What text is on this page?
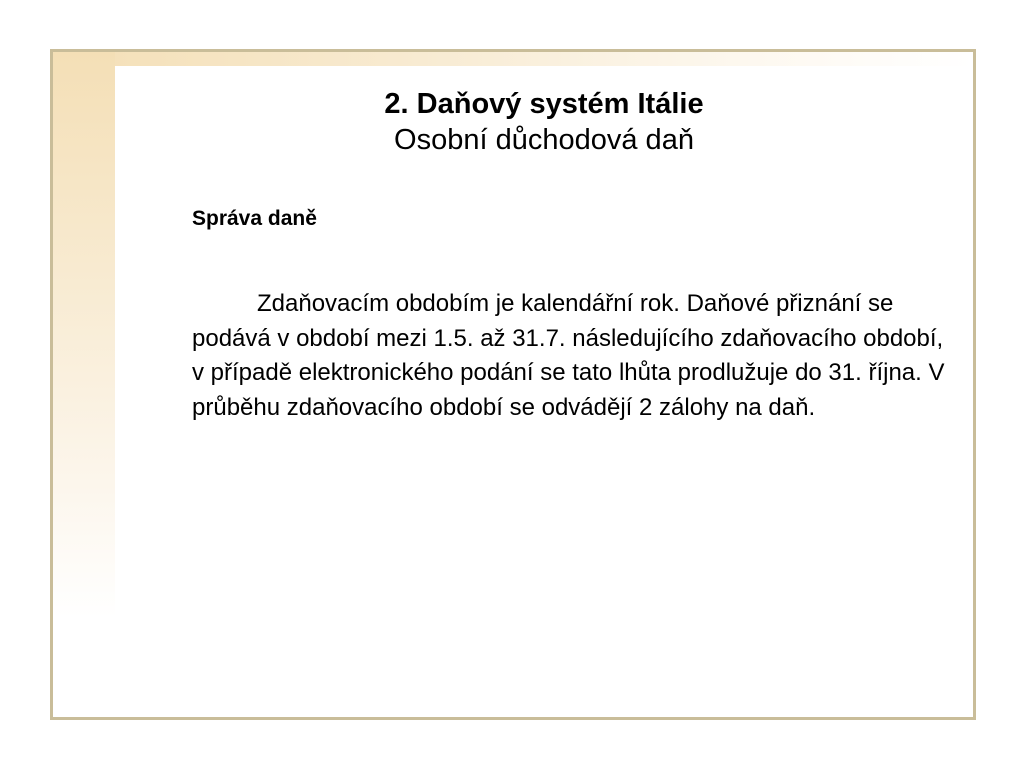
2. Daňový systém Itálie
Osobní důchodová daň
Správa daně

Zdaňovacím obdobím je kalendářní rok. Daňové přiznání se podává v období mezi 1.5. až 31.7. následujícího zdaňovacího období, v případě elektronického podání se tato lhůta prodlužuje do 31. října. V průběhu zdaňovacího období se odvádějí 2 zálohy na daň.
